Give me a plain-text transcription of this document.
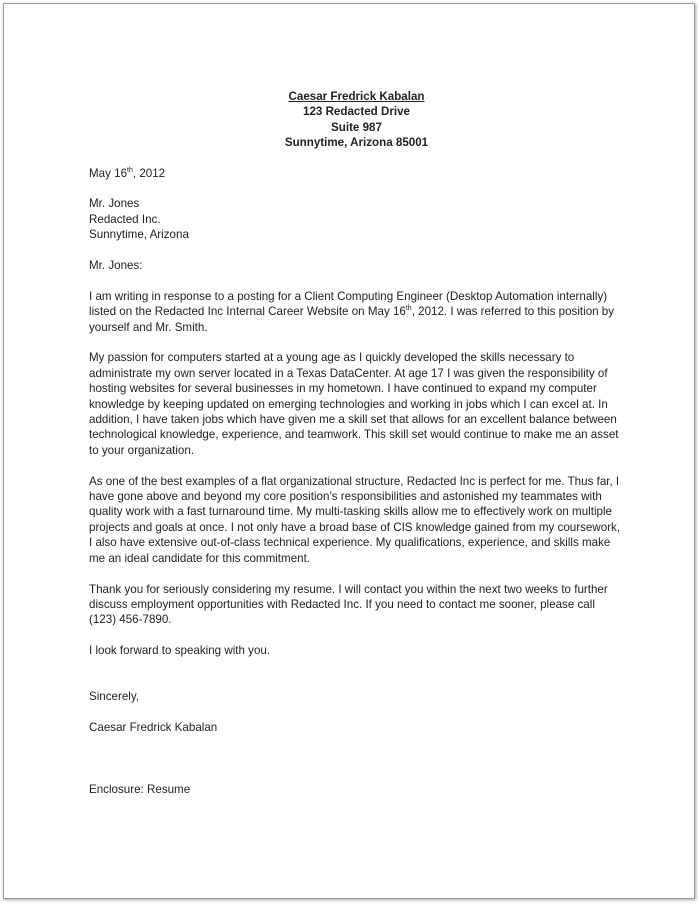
Caesar Fredrick Kabalan
123 Redacted Drive
Suite 987
Sunnytime, Arizona 85001
May 16th, 2012
Mr. Jones
Redacted Inc.
Sunnytime, Arizona

Mr. Jones:

I am writing in response to a posting for a Client Computing Engineer (Desktop Automation internally) listed on the Redacted Inc Internal Career Website on May 16th, 2012. I was referred to this position by yourself and Mr. Smith.

My passion for computers started at a young age as I quickly developed the skills necessary to administrate my own server located in a Texas DataCenter. At age 17 I was given the responsibility of hosting websites for several businesses in my hometown. I have continued to expand my computer knowledge by keeping updated on emerging technologies and working in jobs which I can excel at. In addition, I have taken jobs which have given me a skill set that allows for an excellent balance between technological knowledge, experience, and teamwork. This skill set would continue to make me an asset to your organization.

As one of the best examples of a flat organizational structure, Redacted Inc is perfect for me. Thus far, I have gone above and beyond my core position’s responsibilities and astonished my teammates with quality work with a fast turnaround time. My multi-tasking skills allow me to effectively work on multiple projects and goals at once. I not only have a broad base of CIS knowledge gained from my coursework, I also have extensive out-of-class technical experience. My qualifications, experience, and skills make me an ideal candidate for this commitment.

Thank you for seriously considering my resume. I will contact you within the next two weeks to further discuss employment opportunities with Redacted Inc. If you need to contact me sooner, please call (123) 456-7890.

I look forward to speaking with you.

Sincerely,

Caesar Fredrick Kabalan
Enclosure: Resume
